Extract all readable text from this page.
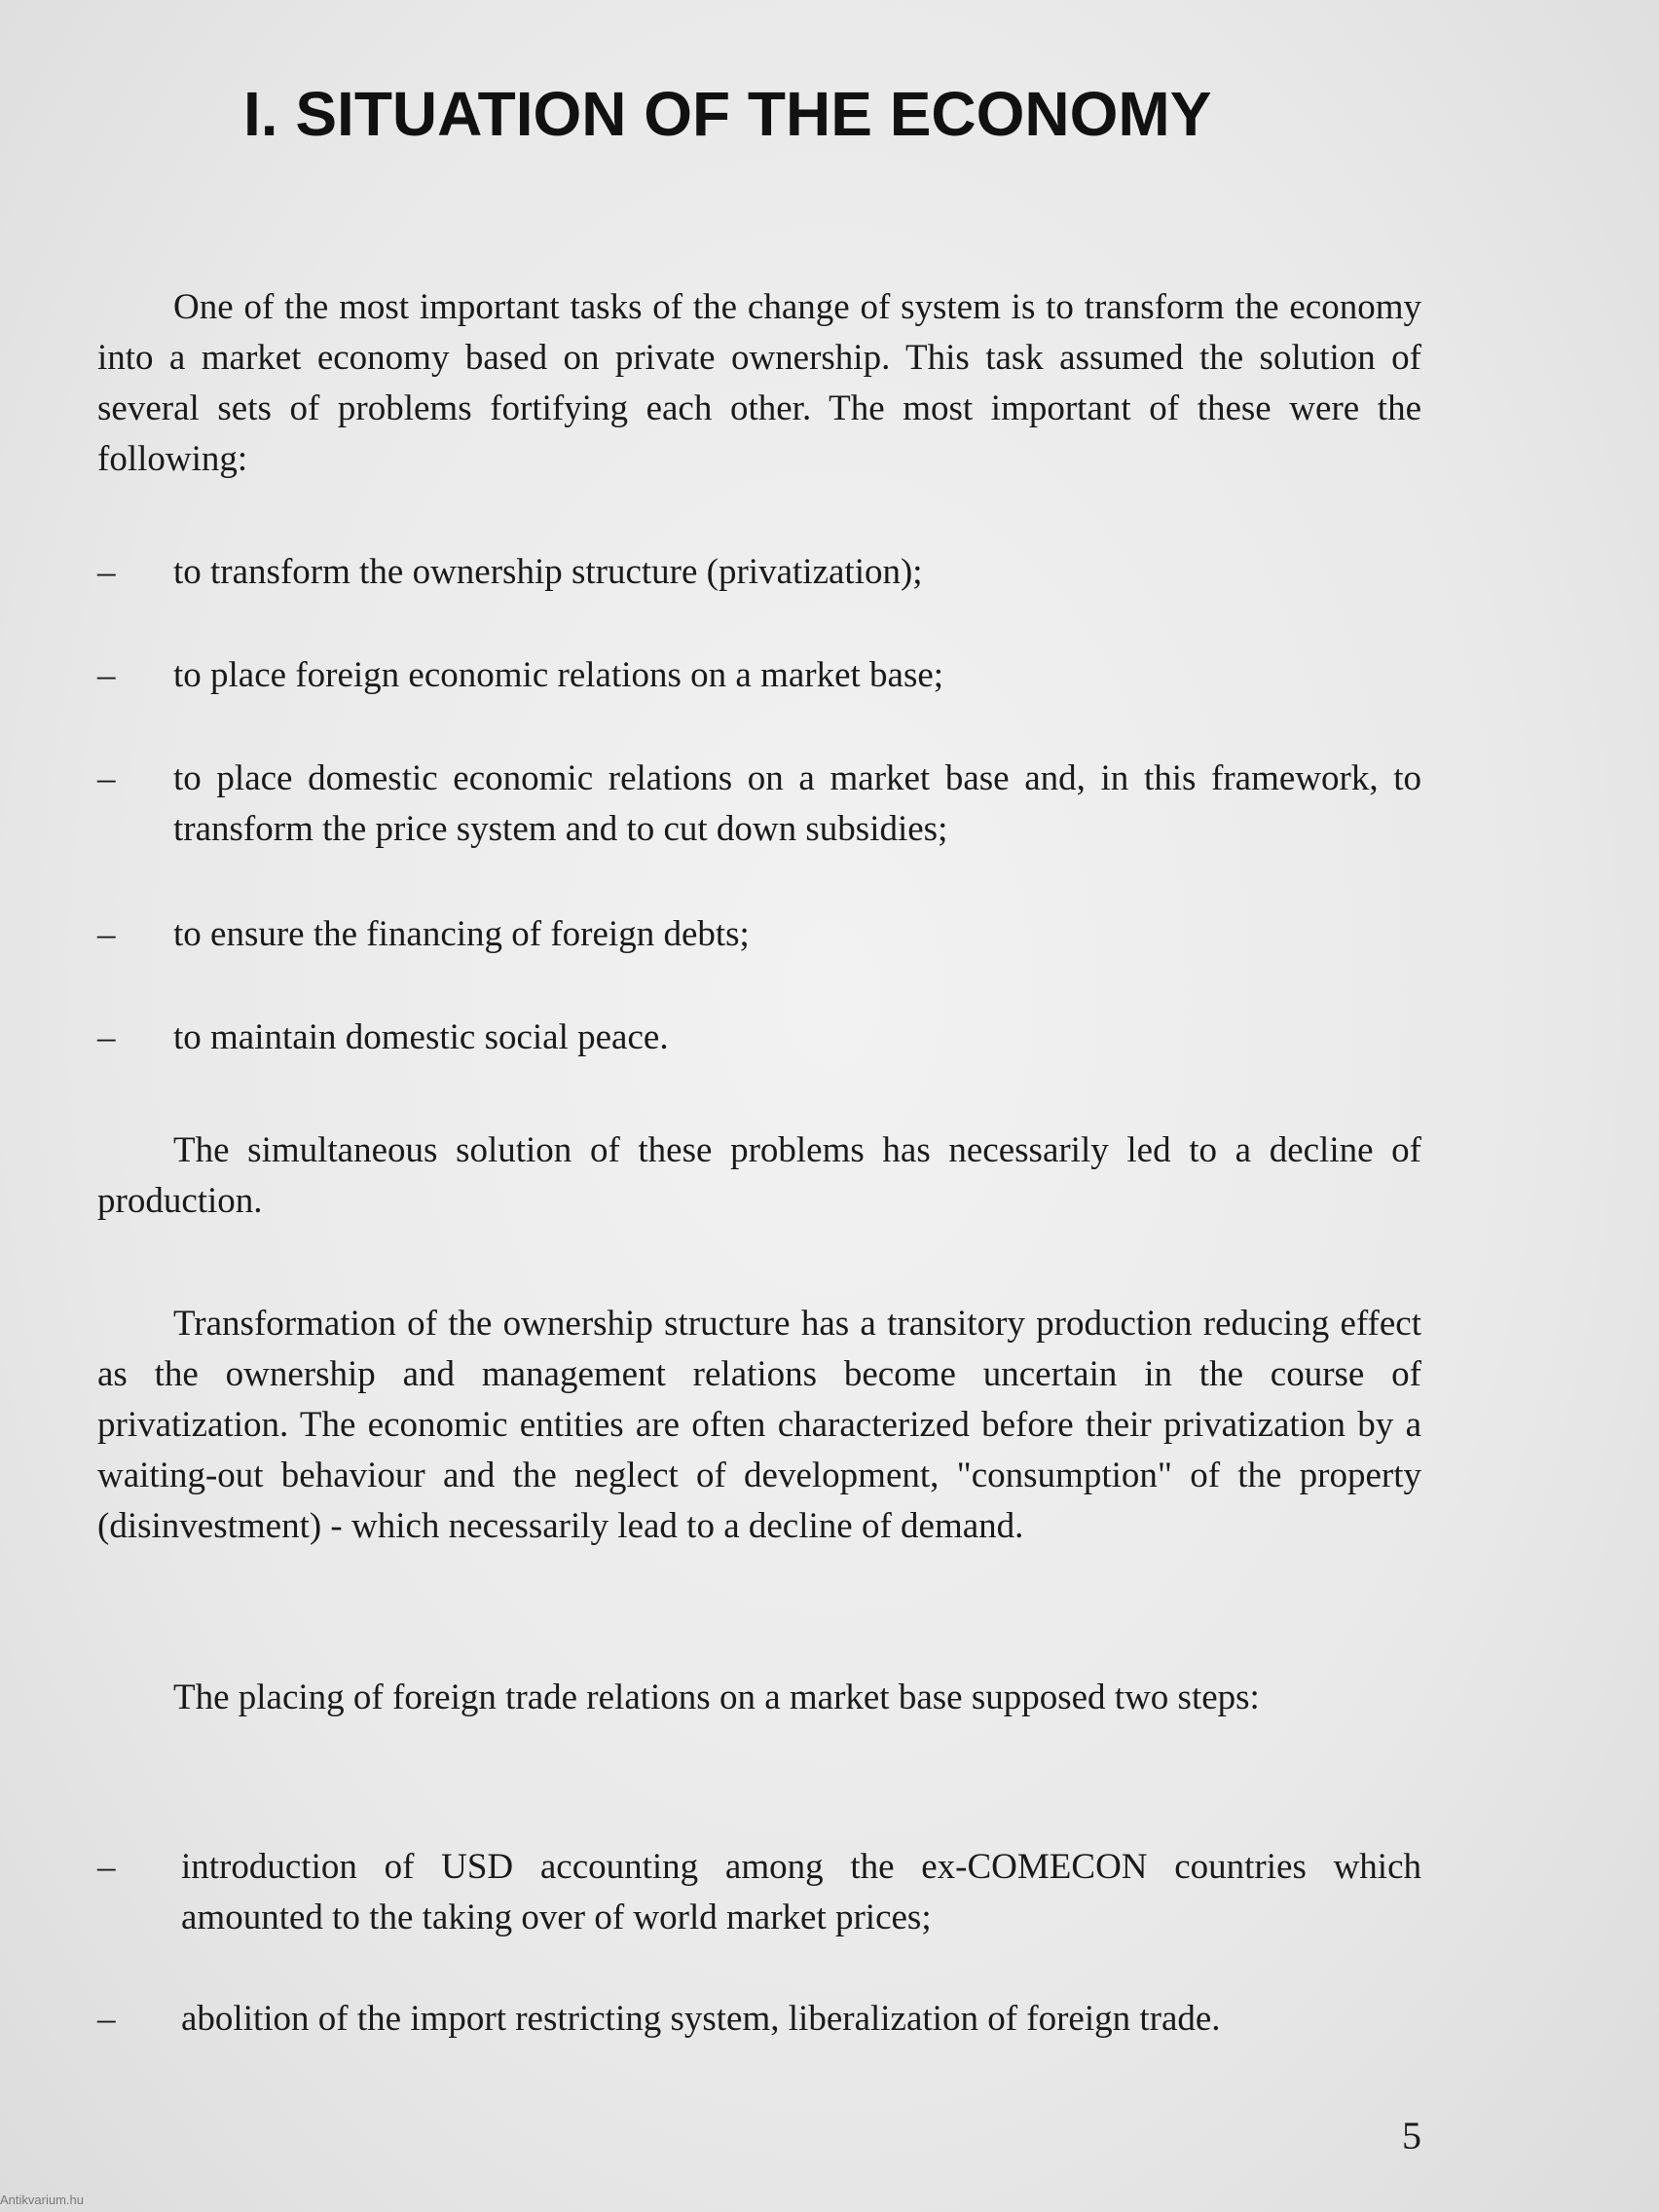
I. SITUATION OF THE ECONOMY
One of the most important tasks of the change of system is to transform the economy into a market economy based on private ownership. This task assumed the solution of several sets of problems fortifying each other. The most important of these were the following:
–	to transform the ownership structure (privatization);
–	to place foreign economic relations on a market base;
–	to place domestic economic relations on a market base and, in this framework, to transform the price system and to cut down subsidies;
–	to ensure the financing of foreign debts;
–	to maintain domestic social peace.
The simultaneous solution of these problems has necessarily led to a decline of production.
Transformation of the ownership structure has a transitory production reducing effect as the ownership and management relations become uncertain in the course of privatization. The economic entities are often characterized before their privatization by a waiting-out behaviour and the neglect of development, "consumption" of the property (disinvestment) - which necessarily lead to a decline of demand.
The placing of foreign trade relations on a market base supposed two steps:
–	introduction of USD accounting among the ex-COMECON countries which amounted to the taking over of world market prices;
–	abolition of the import restricting system, liberalization of foreign trade.
5
Antikvarium.hu
